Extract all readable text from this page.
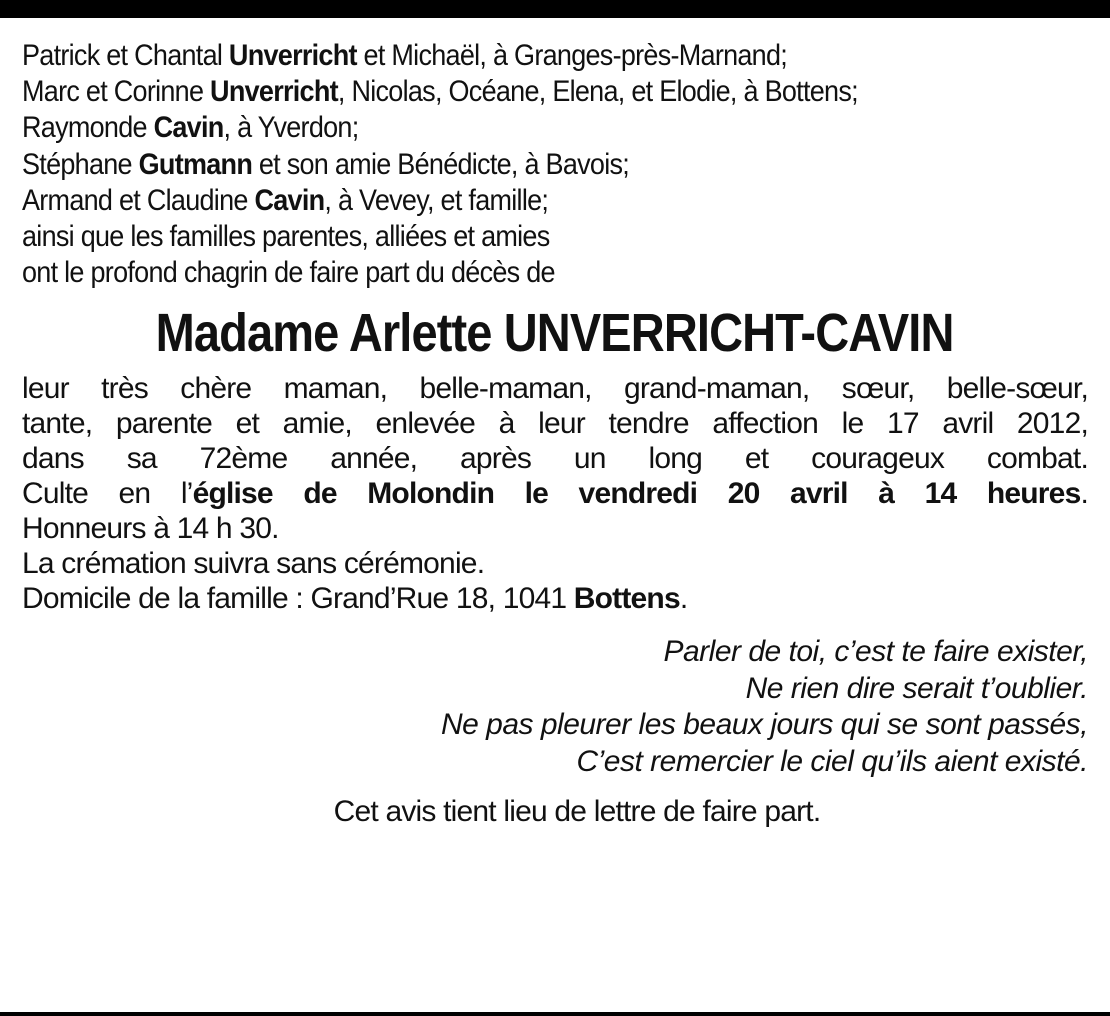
Patrick et Chantal Unverricht et Michaël, à Granges-près-Marnand;
Marc et Corinne Unverricht, Nicolas, Océane, Elena, et Elodie, à Bottens;
Raymonde Cavin, à Yverdon;
Stéphane Gutmann et son amie Bénédicte, à Bavois;
Armand et Claudine Cavin, à Vevey, et famille;
ainsi que les familles parentes, alliées et amies
ont le profond chagrin de faire part du décès de
Madame Arlette UNVERRICHT-CAVIN
leur très chère maman, belle-maman, grand-maman, sœur, belle-sœur,
tante, parente et amie, enlevée à leur tendre affection le 17 avril 2012,
dans sa 72ème année, après un long et courageux combat.
Culte en l’église de Molondin le vendredi 20 avril à 14 heures.
Honneurs à 14 h 30.
La crémation suivra sans cérémonie.
Domicile de la famille : Grand’Rue 18, 1041 Bottens.
Parler de toi, c’est te faire exister,
Ne rien dire serait t’oublier.
Ne pas pleurer les beaux jours qui se sont passés,
C’est remercier le ciel qu’ils aient existé.
Cet avis tient lieu de lettre de faire part.
